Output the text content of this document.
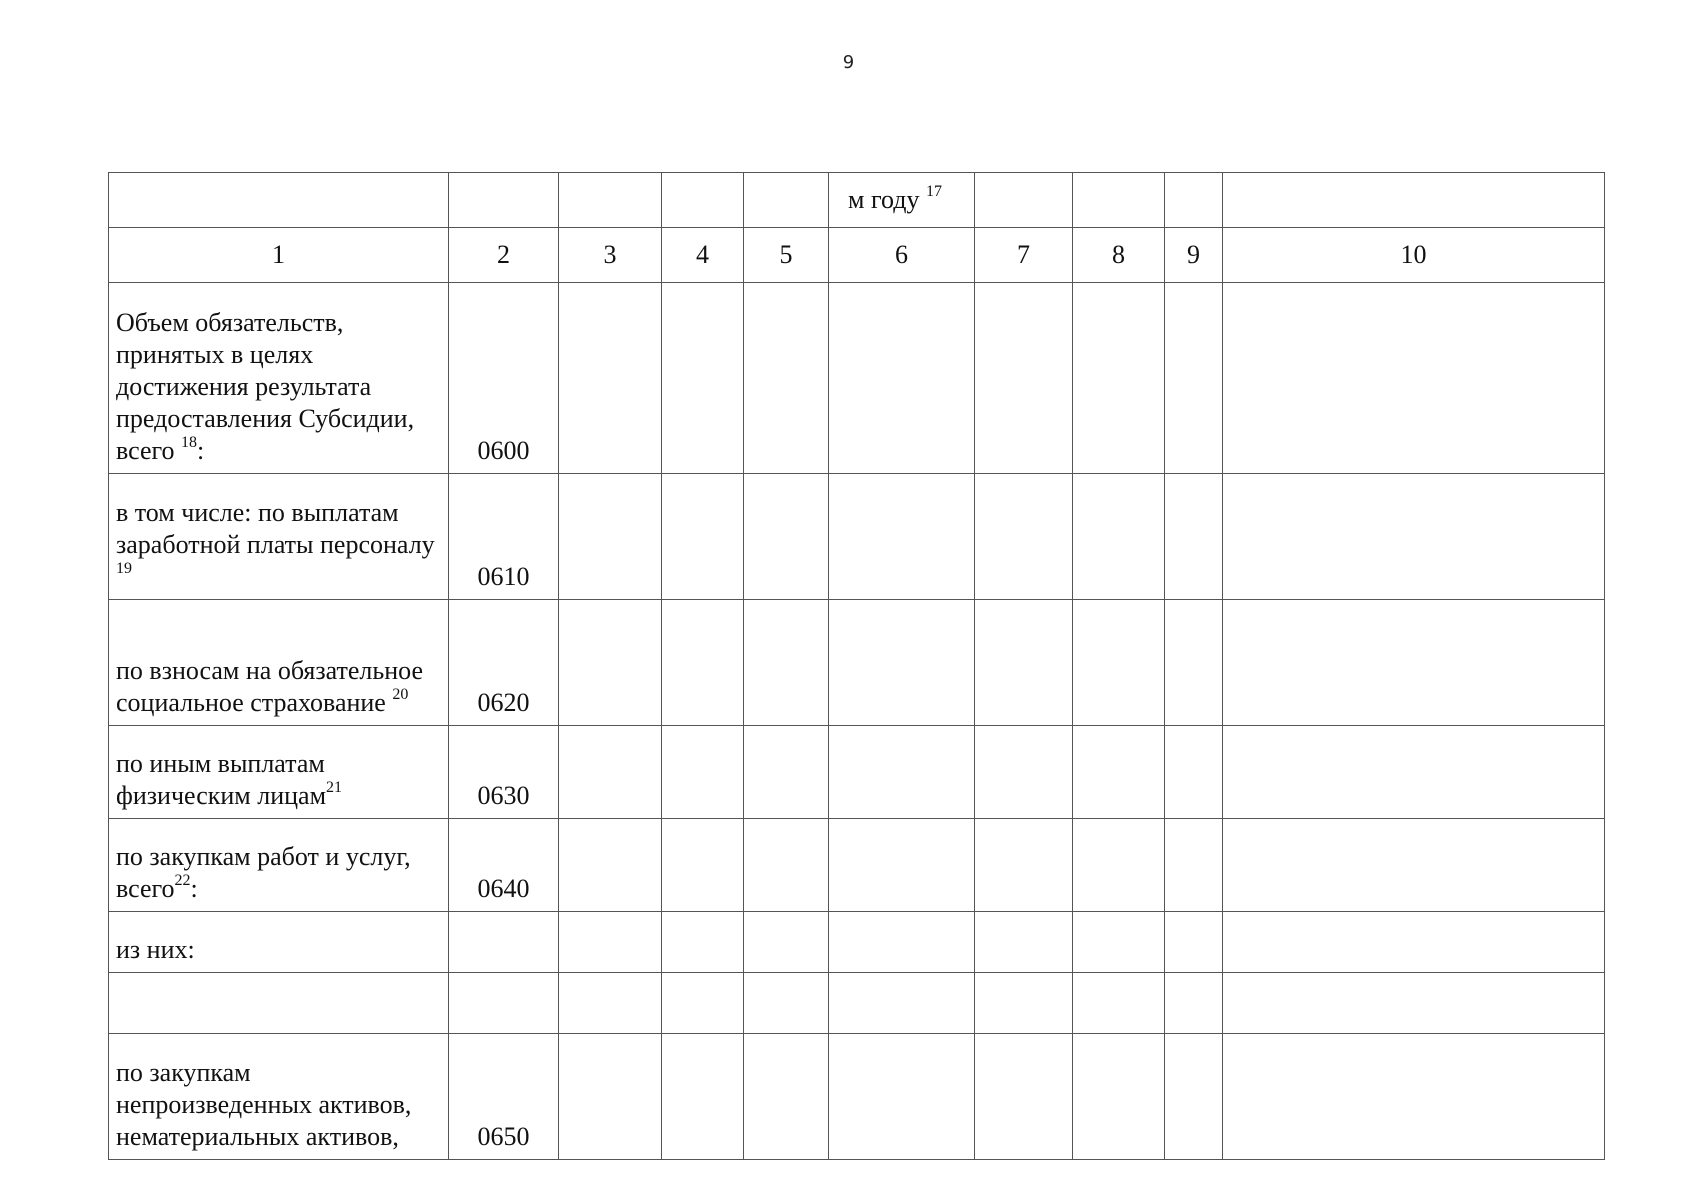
9
					м году $^{17}$				
1	2	3	4	5	6	7	8	9	10
Объем обязательств, принятых в целях достижения результата предоставления Субсидии, всего $^{18}$:	0600								
в том числе: по выплатам заработной платы персоналу $^{19}$	0610								
по взносам на обязательное социальное страхование $^{20}$	0620								
по иным выплатам физическим лицам$^{21}$	0630								
по закупкам работ и услуг, всего$^{22}$:	0640								
из них:									

по закупкам непроизведенных активов, нематериальных активов,	0650								
